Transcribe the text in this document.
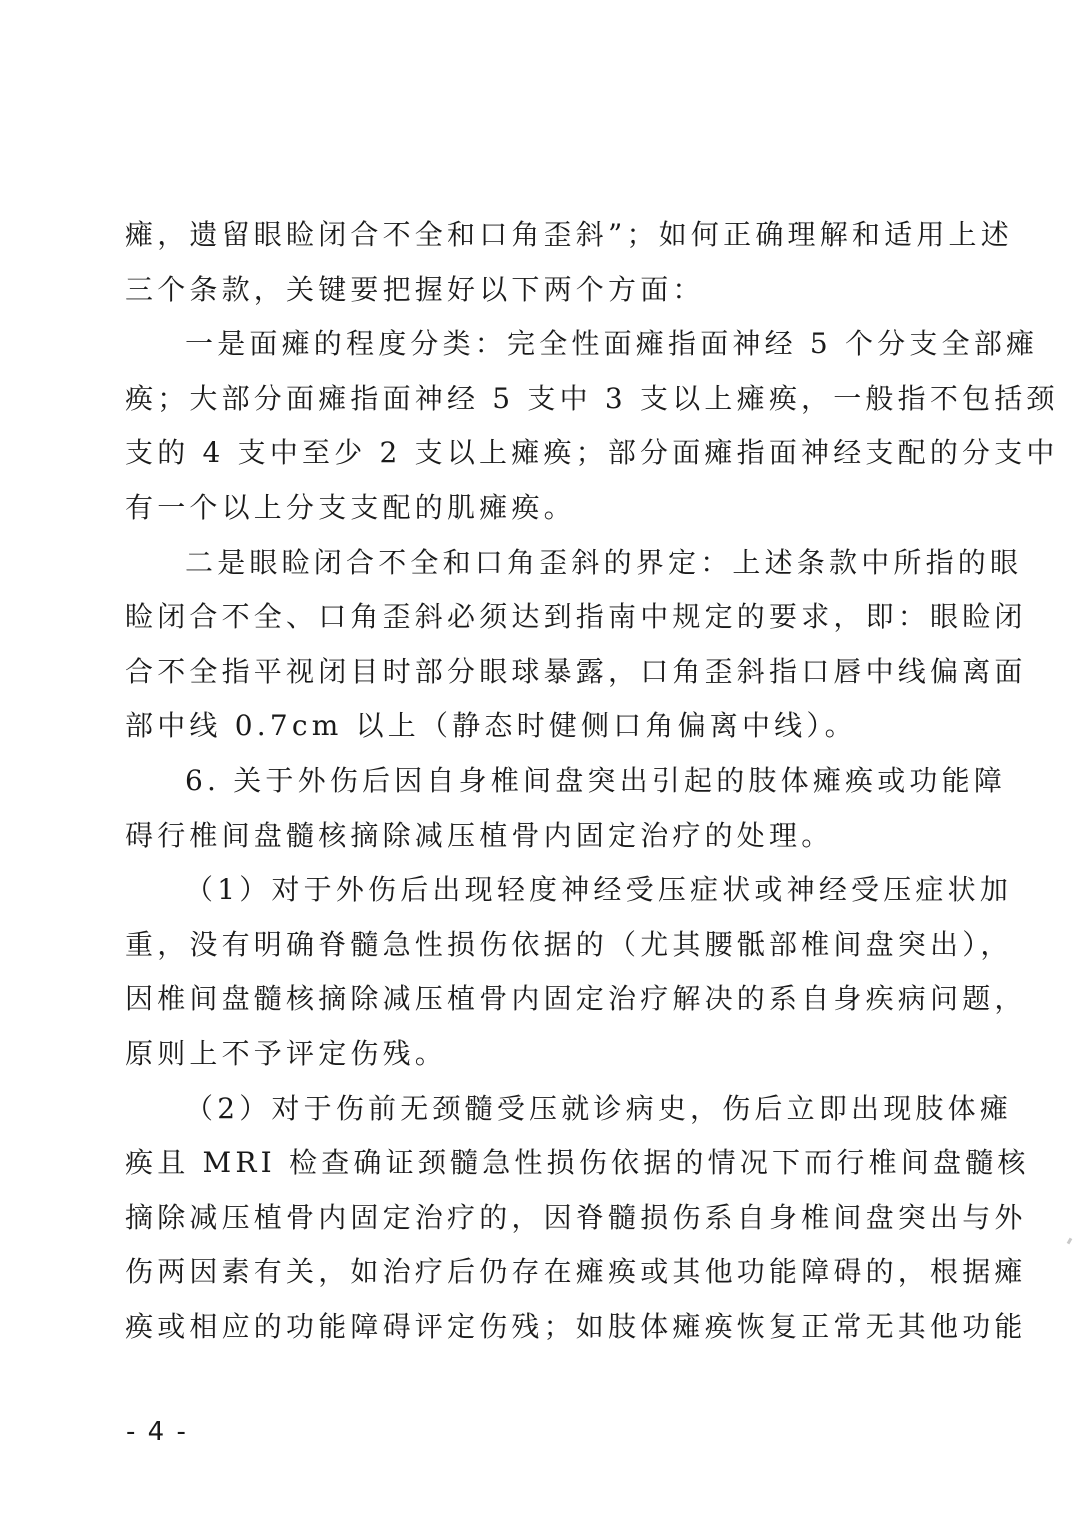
瘫，遗留眼睑闭合不全和口角歪斜”；如何正确理解和适用上述
三个条款，关键要把握好以下两个方面：
一是面瘫的程度分类：完全性面瘫指面神经 5 个分支全部瘫
痪；大部分面瘫指面神经 5 支中 3 支以上瘫痪，一般指不包括颈
支的 4 支中至少 2 支以上瘫痪；部分面瘫指面神经支配的分支中
有一个以上分支支配的肌瘫痪。
二是眼睑闭合不全和口角歪斜的界定：上述条款中所指的眼
睑闭合不全、口角歪斜必须达到指南中规定的要求，即：眼睑闭
合不全指平视闭目时部分眼球暴露，口角歪斜指口唇中线偏离面
部中线 0.7cm 以上（静态时健侧口角偏离中线）。
6. 关于外伤后因自身椎间盘突出引起的肢体瘫痪或功能障
碍行椎间盘髓核摘除减压植骨内固定治疗的处理。
（1）对于外伤后出现轻度神经受压症状或神经受压症状加
重，没有明确脊髓急性损伤依据的（尤其腰骶部椎间盘突出），
因椎间盘髓核摘除减压植骨内固定治疗解决的系自身疾病问题，
原则上不予评定伤残。
（2）对于伤前无颈髓受压就诊病史，伤后立即出现肢体瘫
痪且 MRI 检查确证颈髓急性损伤依据的情况下而行椎间盘髓核
摘除减压植骨内固定治疗的，因脊髓损伤系自身椎间盘突出与外
伤两因素有关，如治疗后仍存在瘫痪或其他功能障碍的，根据瘫
痪或相应的功能障碍评定伤残；如肢体瘫痪恢复正常无其他功能
- 4 -
